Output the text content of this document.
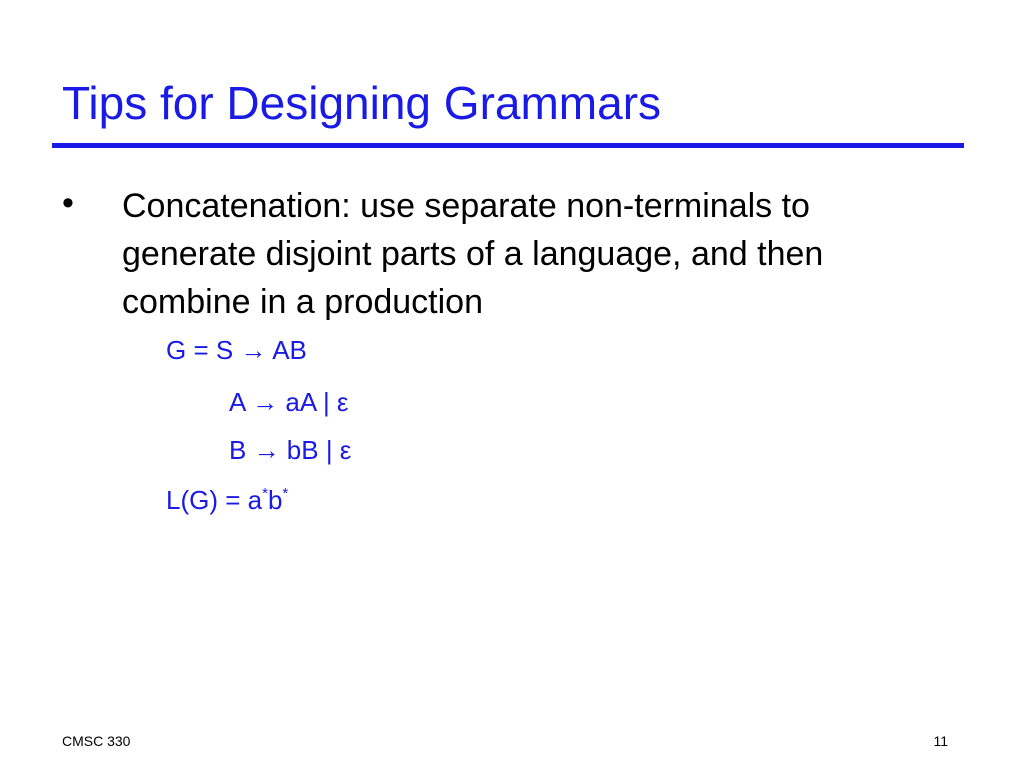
Tips for Designing Grammars
• Concatenation: use separate non-terminals to
generate disjoint parts of a language, and then
combine in a production
G = S → AB
A → aA | ε
B → bB | ε
L(G) = a*b*
CMSC 330	11
